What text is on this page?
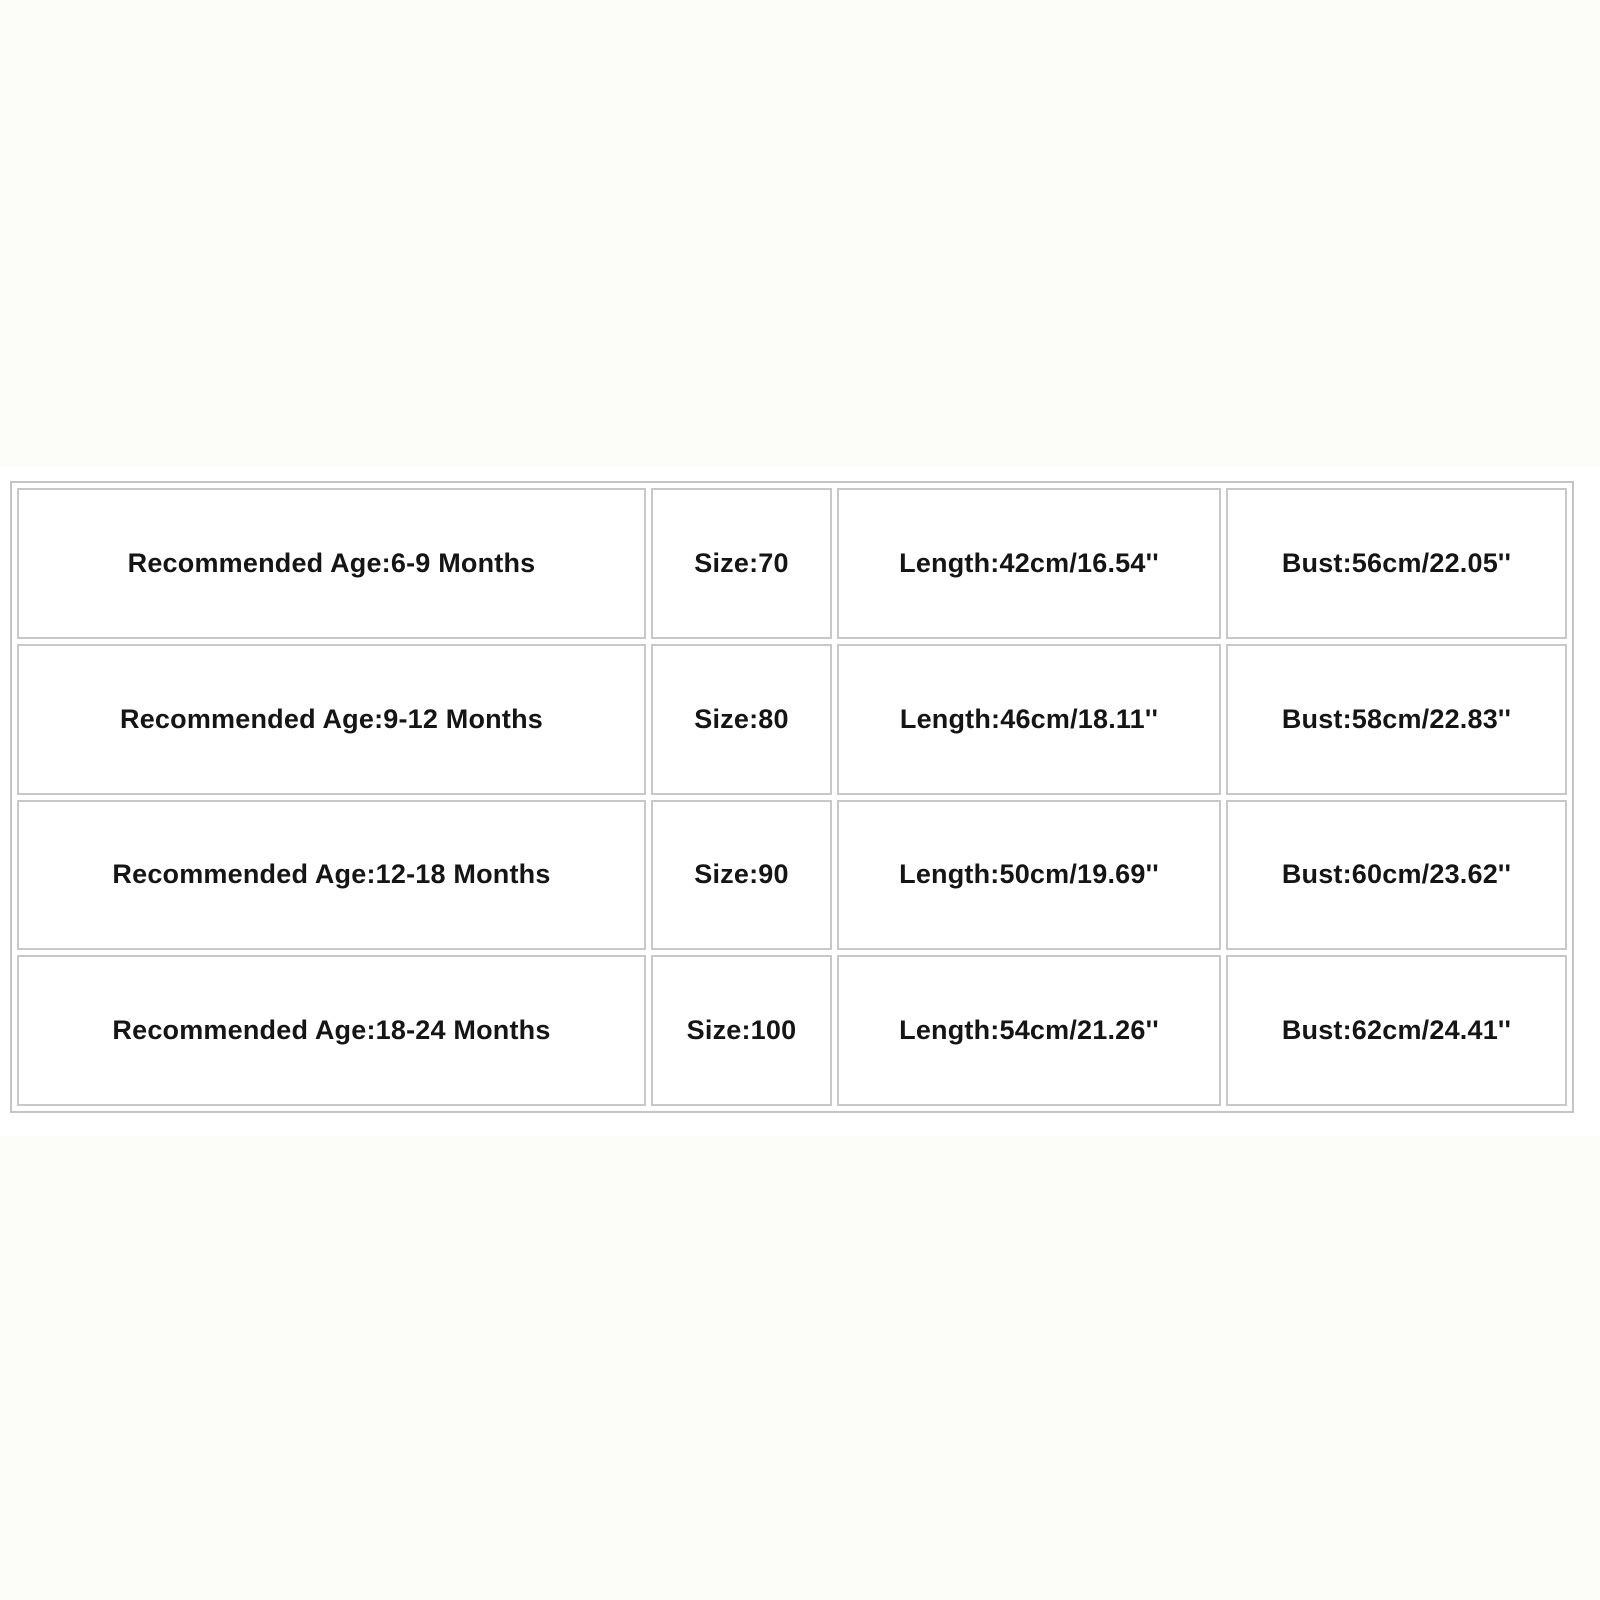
Recommended Age:6-9 Months	Size:70	Length:42cm/16.54''	Bust:56cm/22.05''
Recommended Age:9-12 Months	Size:80	Length:46cm/18.11''	Bust:58cm/22.83''
Recommended Age:12-18 Months	Size:90	Length:50cm/19.69''	Bust:60cm/23.62''
Recommended Age:18-24 Months	Size:100	Length:54cm/21.26''	Bust:62cm/24.41''
